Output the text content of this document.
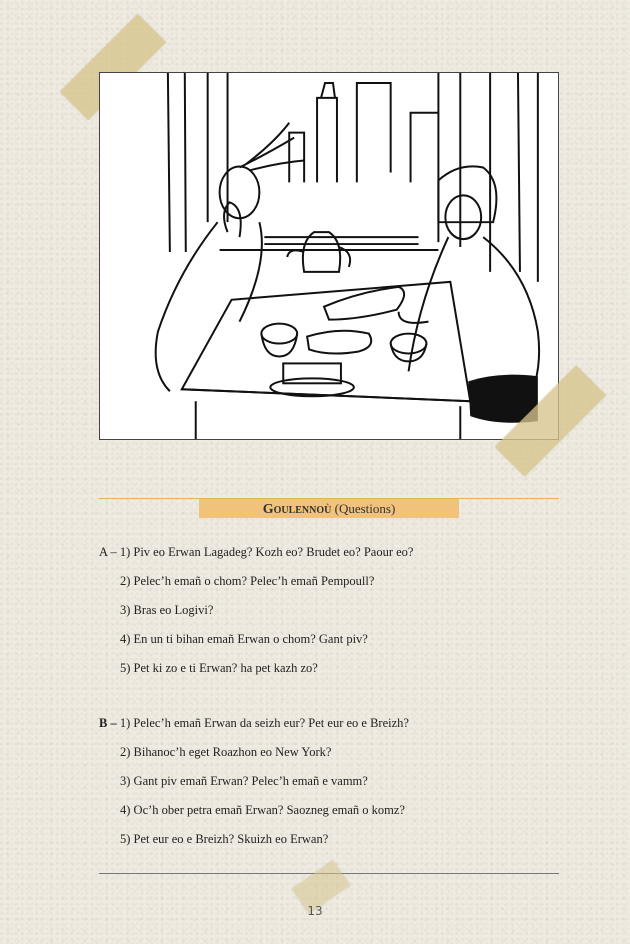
Goulennoù (Questions)
A – 1) Piv eo Erwan Lagadeg? Kozh eo? Brudet eo? Paour eo?
2) Pelec’h emañ o chom? Pelec’h emañ Pempoull?
3) Bras eo Logivi?
4) En un ti bihan emañ Erwan o chom? Gant piv?
5) Pet ki zo e ti Erwan? ha pet kazh zo?
B – 1) Pelec’h emañ Erwan da seizh eur? Pet eur eo e Breizh?
2) Bihanoc’h eget Roazhon eo New York?
3) Gant piv emañ Erwan? Pelec’h emañ e vamm?
4) Oc’h ober petra emañ Erwan? Saozneg emañ o komz?
5) Pet eur eo e Breizh? Skuizh eo Erwan?
13
